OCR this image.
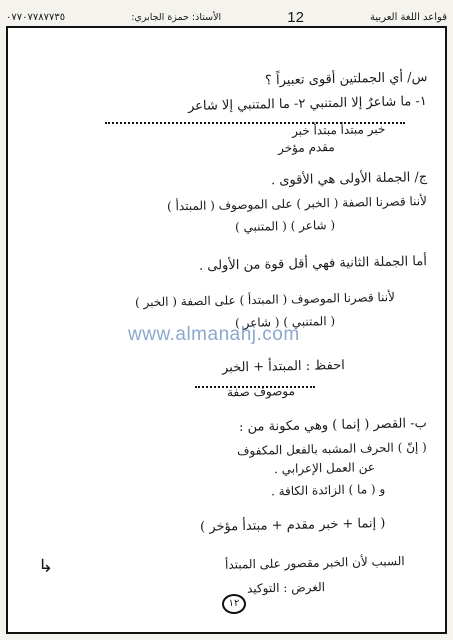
قواعد اللغة العربية
12
الأستاذ: حمزة الجابري:
٠٧٧٠٧٧٨٧٧٣٥
س/ أي الجملتين أقوى تعبيراً ؟
١- ما شاعرٌ إلا المتنبي ٢- ما المتنبي إلا شاعر
خبر مبتدأ مبتدأ خبر
مقدم مؤخر
ج/ الجملة الأولى هي الأقوى .
لأننا قصرنا الصفة ( الخبر ) على الموصوف ( المبتدأ )
( شاعر ) ( المتنبي )
أما الجملة الثانية فهي أقل قوة من الأولى .
لأننا قصرنا الموصوف ( المبتدأ ) على الصفة ( الخبر )
( المتنبي ) ( شاعر )
احفظ : المبتدأ + الخبر
موصوف صفة
ب- القصر ( إنما ) وهي مكونة من :
( إنّ ) الحرف المشبه بالفعل المكفوف
عن العمل الإعرابي .
و ( ما ) الزائدة الكافة .
( إنما + خبر مقدم + مبتدأ مؤخر )
↳	السبب لأن الخبر مقصور على المبتدأ
الغرض : التوكيد
www.almanahj.com
١٢
